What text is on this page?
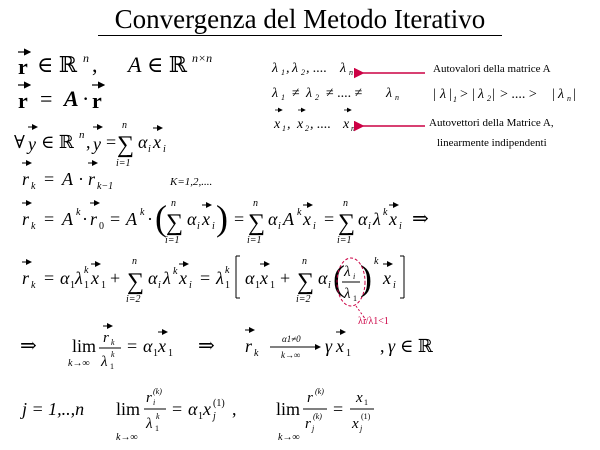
Convergenza del Metodo Iterativo
Autovalori della matrice A
Autovettori della Matrice A,
linearmente indipendenti
λi/λ1<1
r ∈ ℝ n , A ∈ ℝ n×n
r = A · r
∀ y ∈ ℝ n , y =
n
∑
i=1
α i x i
λ 1 , λ 2 , .... λ n
λ 1 ≠ λ 2 ≠ .... ≠ λ n | λ | 1 > | λ 2 | > .... > | λ n |
x 1 , x 2 , .... x n
r k = A · r k−1	K=1,2,....
r k = A k · r 0 = A k · ( n
∑
i=1
α i x i ) =
n
∑
i=1
α i A k x i =
n
∑
i=1
α i λ k x i ⇒
r k = α 1 λ 1
k x 1 +
n
∑
i=2
α i λ k x i = λ 1
k α 1 x 1 +
n
∑
i=2
α i ( λ i
λ 1
) k
x i
⇒ lim
k→∞
r k
λ 1
k = α 1 x 1 ⇒ r k
α1≠0
k→∞ γ x 1 , γ ∈ ℝ
j = 1,..,n lim
k→∞
r i
(k)
λ 1
k = α 1 x j
(1) , lim
k→∞
r (k)
r j
(k) =
x 1
x j
(1)
